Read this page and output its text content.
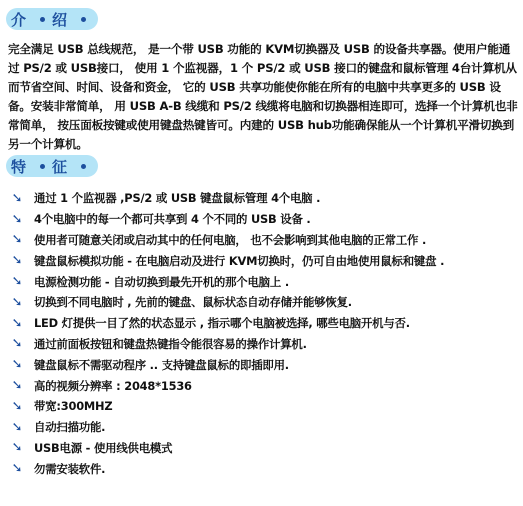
介 绍
完全满足 USB 总线规范， 是一个带 USB 功能的 KVM切换器及 USB 的设备共享器。使用户能通过 PS/2 或 USB接口， 使用 1 个监视器，1 个 PS/2 或 USB 接口的键盘和鼠标管理 4台计算机从而节省空间、时间、设备和资金， 它的 USB 共享功能使你能在所有的电脑中共享更多的 USB 设备。安装非常简单， 用 USB A-B 线缆和 PS/2 线缆将电脑和切换器相连即可，选择一个计算机也非常简单， 按压面板按键或使用键盘热键皆可。内建的 USB hub功能确保能从一个计算机平滑切换到另一个计算机。
特 征
➘	通过 1 个监视器 ,PS/2 或 USB 键盘鼠标管理 4个电脑 .
➘	4个电脑中的每一个都可共享到 4 个不同的 USB 设备 .
➘	使用者可随意关闭或启动其中的任何电脑， 也不会影响到其他电脑的正常工作 .
➘	键盘鼠标模拟功能 - 在电脑启动及进行 KVM切换时，仍可自由地使用鼠标和键盘 .
➘	电源检测功能 - 自动切换到最先开机的那个电脑上 .
➘	切换到不同电脑时 , 先前的键盘、鼠标状态自动存储并能够恢复.
➘	LED 灯提供一目了然的状态显示 , 指示哪个电脑被选择, 哪些电脑开机与否.
➘	通过前面板按钮和键盘热键指令能很容易的操作计算机.
➘	键盘鼠标不需驱动程序 .. 支持键盘鼠标的即插即用.
➘	高的视频分辨率 : 2048*1536
➘	带宽:300MHZ
➘	自动扫描功能.
➘	USB电源 - 使用线供电模式
➘	勿需安装软件.
